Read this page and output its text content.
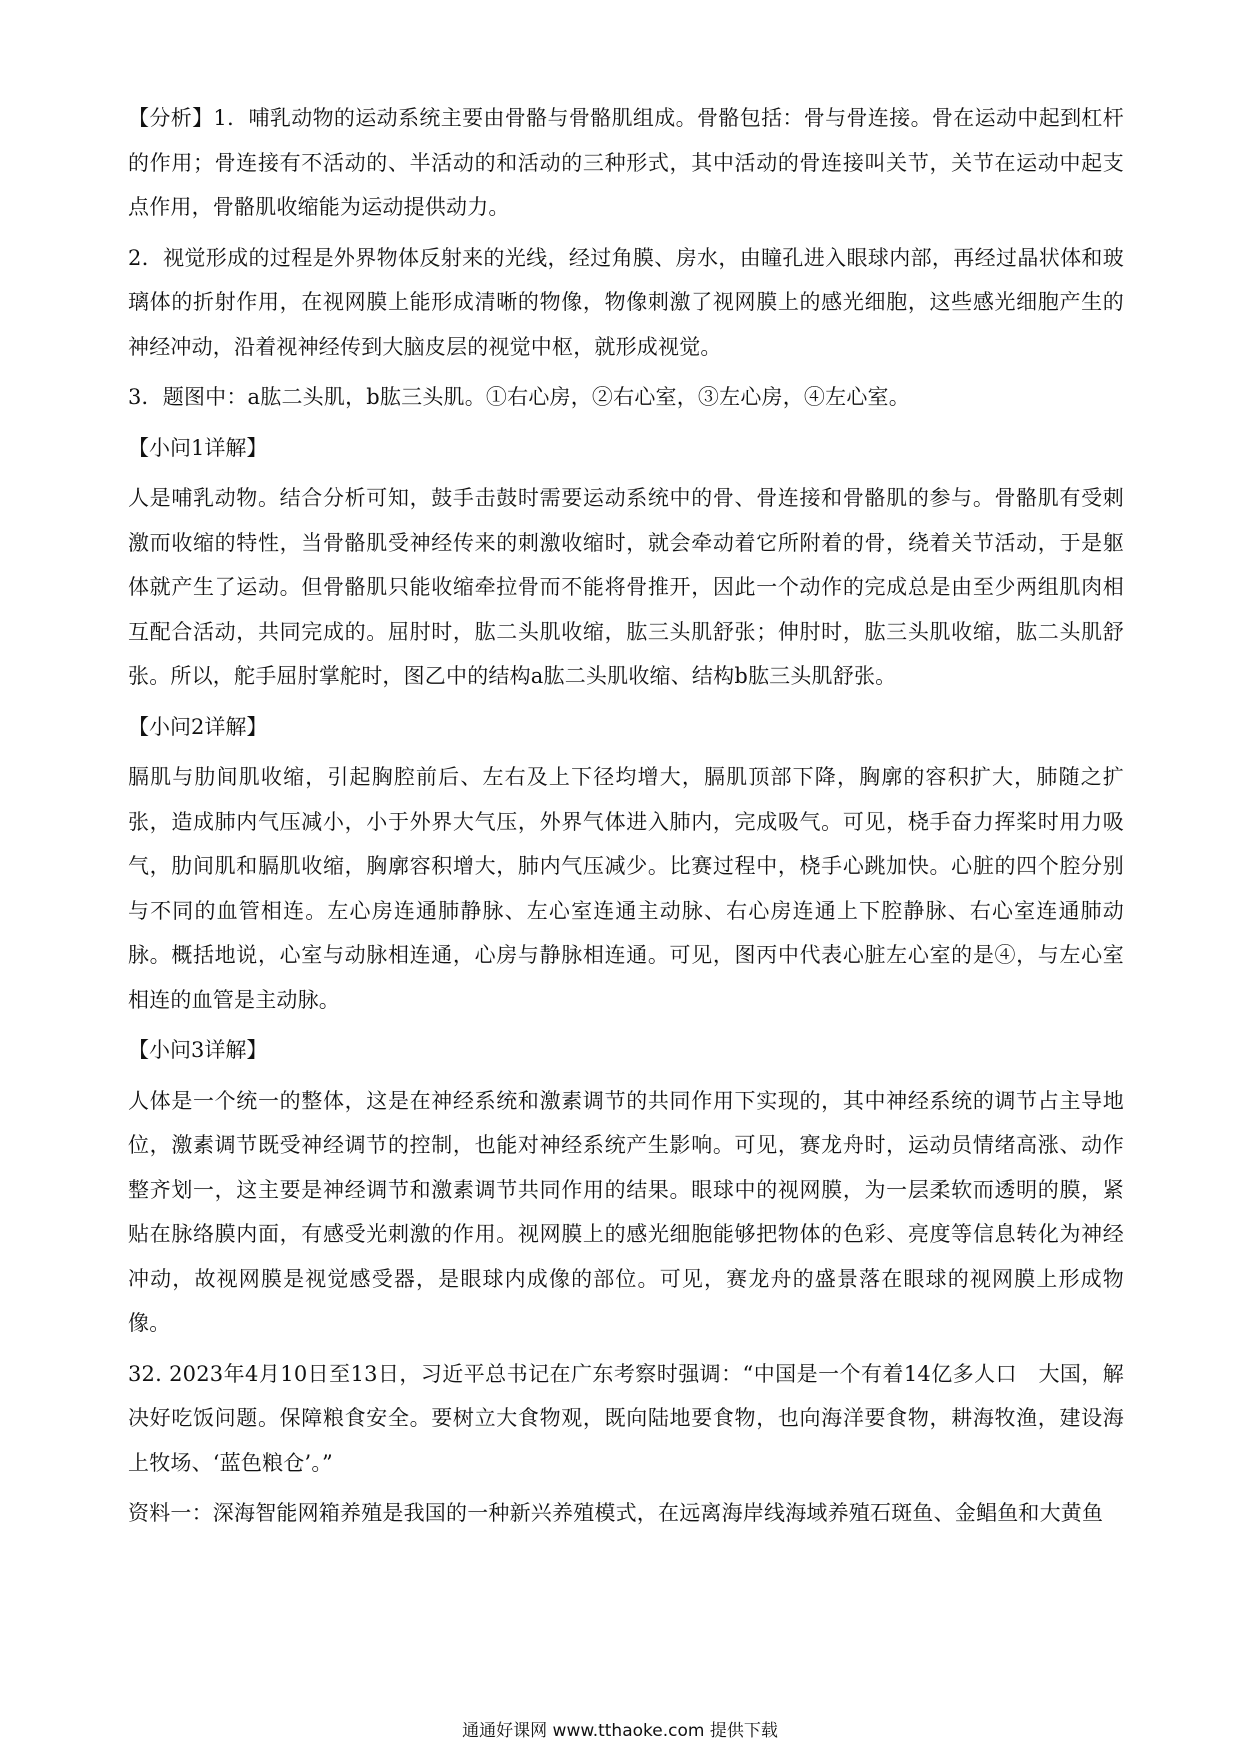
【分析】1．哺乳动物的运动系统主要由骨骼与骨骼肌组成。骨骼包括：骨与骨连接。骨在运动中起到杠杆的作用；骨连接有不活动的、半活动的和活动的三种形式，其中活动的骨连接叫关节，关节在运动中起支点作用，骨骼肌收缩能为运动提供动力。

2．视觉形成的过程是外界物体反射来的光线，经过角膜、房水，由瞳孔进入眼球内部，再经过晶状体和玻璃体的折射作用，在视网膜上能形成清晰的物像，物像刺激了视网膜上的感光细胞，这些感光细胞产生的神经冲动，沿着视神经传到大脑皮层的视觉中枢，就形成视觉。

3．题图中：a肱二头肌，b肱三头肌。①右心房，②右心室，③左心房，④左心室。

【小问1详解】

人是哺乳动物。结合分析可知，鼓手击鼓时需要运动系统中的骨、骨连接和骨骼肌的参与。骨骼肌有受刺激而收缩的特性，当骨骼肌受神经传来的刺激收缩时，就会牵动着它所附着的骨，绕着关节活动，于是躯体就产生了运动。但骨骼肌只能收缩牵拉骨而不能将骨推开，因此一个动作的完成总是由至少两组肌肉相互配合活动，共同完成的。屈肘时，肱二头肌收缩，肱三头肌舒张；伸肘时，肱三头肌收缩，肱二头肌舒张。所以，舵手屈肘掌舵时，图乙中的结构a肱二头肌收缩、结构b肱三头肌舒张。

【小问2详解】

膈肌与肋间肌收缩，引起胸腔前后、左右及上下径均增大，膈肌顶部下降，胸廓的容积扩大，肺随之扩张，造成肺内气压减小，小于外界大气压，外界气体进入肺内，完成吸气。可见，桡手奋力挥桨时用力吸气，肋间肌和膈肌收缩，胸廓容积增大，肺内气压减少。比赛过程中，桡手心跳加快。心脏的四个腔分别与不同的血管相连。左心房连通肺静脉、左心室连通主动脉、右心房连通上下腔静脉、右心室连通肺动脉。概括地说，心室与动脉相连通，心房与静脉相连通。可见，图丙中代表心脏左心室的是④，与左心室相连的血管是主动脉。

【小问3详解】

人体是一个统一的整体，这是在神经系统和激素调节的共同作用下实现的，其中神经系统的调节占主导地位，激素调节既受神经调节的控制，也能对神经系统产生影响。可见，赛龙舟时，运动员情绪高涨、动作整齐划一，这主要是神经调节和激素调节共同作用的结果。眼球中的视网膜，为一层柔软而透明的膜，紧贴在脉络膜内面，有感受光刺激的作用。视网膜上的感光细胞能够把物体的色彩、亮度等信息转化为神经冲动，故视网膜是视觉感受器，是眼球内成像的部位。可见，赛龙舟的盛景落在眼球的视网膜上形成物像。

32. 2023年4月10日至13日，习近平总书记在广东考察时强调：“中国是一个有着14亿多人口　大国，解决好吃饭问题。保障粮食安全。要树立大食物观，既向陆地要食物，也向海洋要食物，耕海牧渔，建设海上牧场、‘蓝色粮仓’。”

资料一：深海智能网箱养殖是我国的一种新兴养殖模式，在远离海岸线海域养殖石斑鱼、金鲳鱼和大黄鱼

通通好课网 www.tthaoke.com 提供下载
